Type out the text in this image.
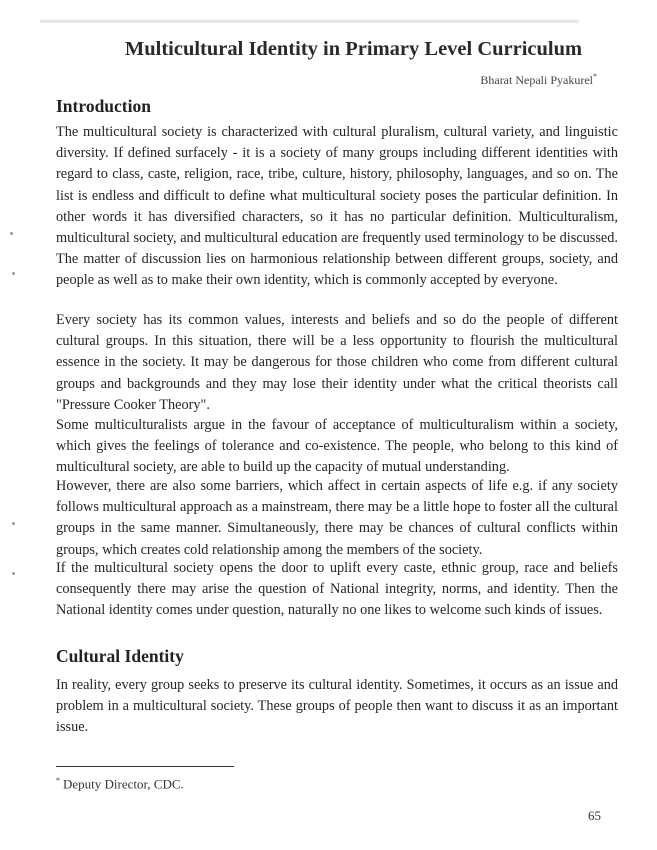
▬▬▬▬▬▬▬▬▬▬▬▬▬▬▬▬▬▬▬▬▬▬▬▬▬▬▬▬▬▬▬▬▬▬▬▬▬▬▬▬▬▬▬▬▬▬▬▬▬
Multicultural Identity in Primary Level Curriculum
Bharat Nepali Pyakurel*
Introduction

The multicultural society is characterized with cultural pluralism, cultural variety, and linguistic diversity. If defined surfacely - it is a society of many groups including different identities with regard to class, caste, religion, race, tribe, culture, history, philosophy, languages, and so on. The list is endless and difficult to define what multicultural society poses the particular definition. In other words it has diversified characters, so it has no particular definition. Multiculturalism, multicultural society, and multicultural education are frequently used terminology to be discussed. The matter of discussion lies on harmonious relationship between different groups, society, and people as well as to make their own identity, which is commonly accepted by everyone.

Every society has its common values, interests and beliefs and so do the people of different cultural groups. In this situation, there will be a less opportunity to flourish the multicultural essence in the society. It may be dangerous for those children who come from different cultural groups and backgrounds and they may lose their identity under what the critical theorists call "Pressure Cooker Theory".

Some multiculturalists argue in the favour of acceptance of multiculturalism within a society, which gives the feelings of tolerance and co-existence. The people, who belong to this kind of multicultural society, are able to build up the capacity of mutual understanding.

However, there are also some barriers, which affect in certain aspects of life e.g. if any society follows multicultural approach as a mainstream, there may be a little hope to foster all the cultural groups in the same manner. Simultaneously, there may be chances of cultural conflicts within groups, which creates cold relationship among the members of the society.

If the multicultural society opens the door to uplift every caste, ethnic group, race and beliefs consequently there may arise the question of National integrity, norms, and identity. Then the National identity comes under question, naturally no one likes to welcome such kinds of issues.

Cultural Identity

In reality, every group seeks to preserve its cultural identity. Sometimes, it occurs as an issue and problem in a multicultural society. These groups of people then want to discuss it as an important issue.

* Deputy Director, CDC.
65
